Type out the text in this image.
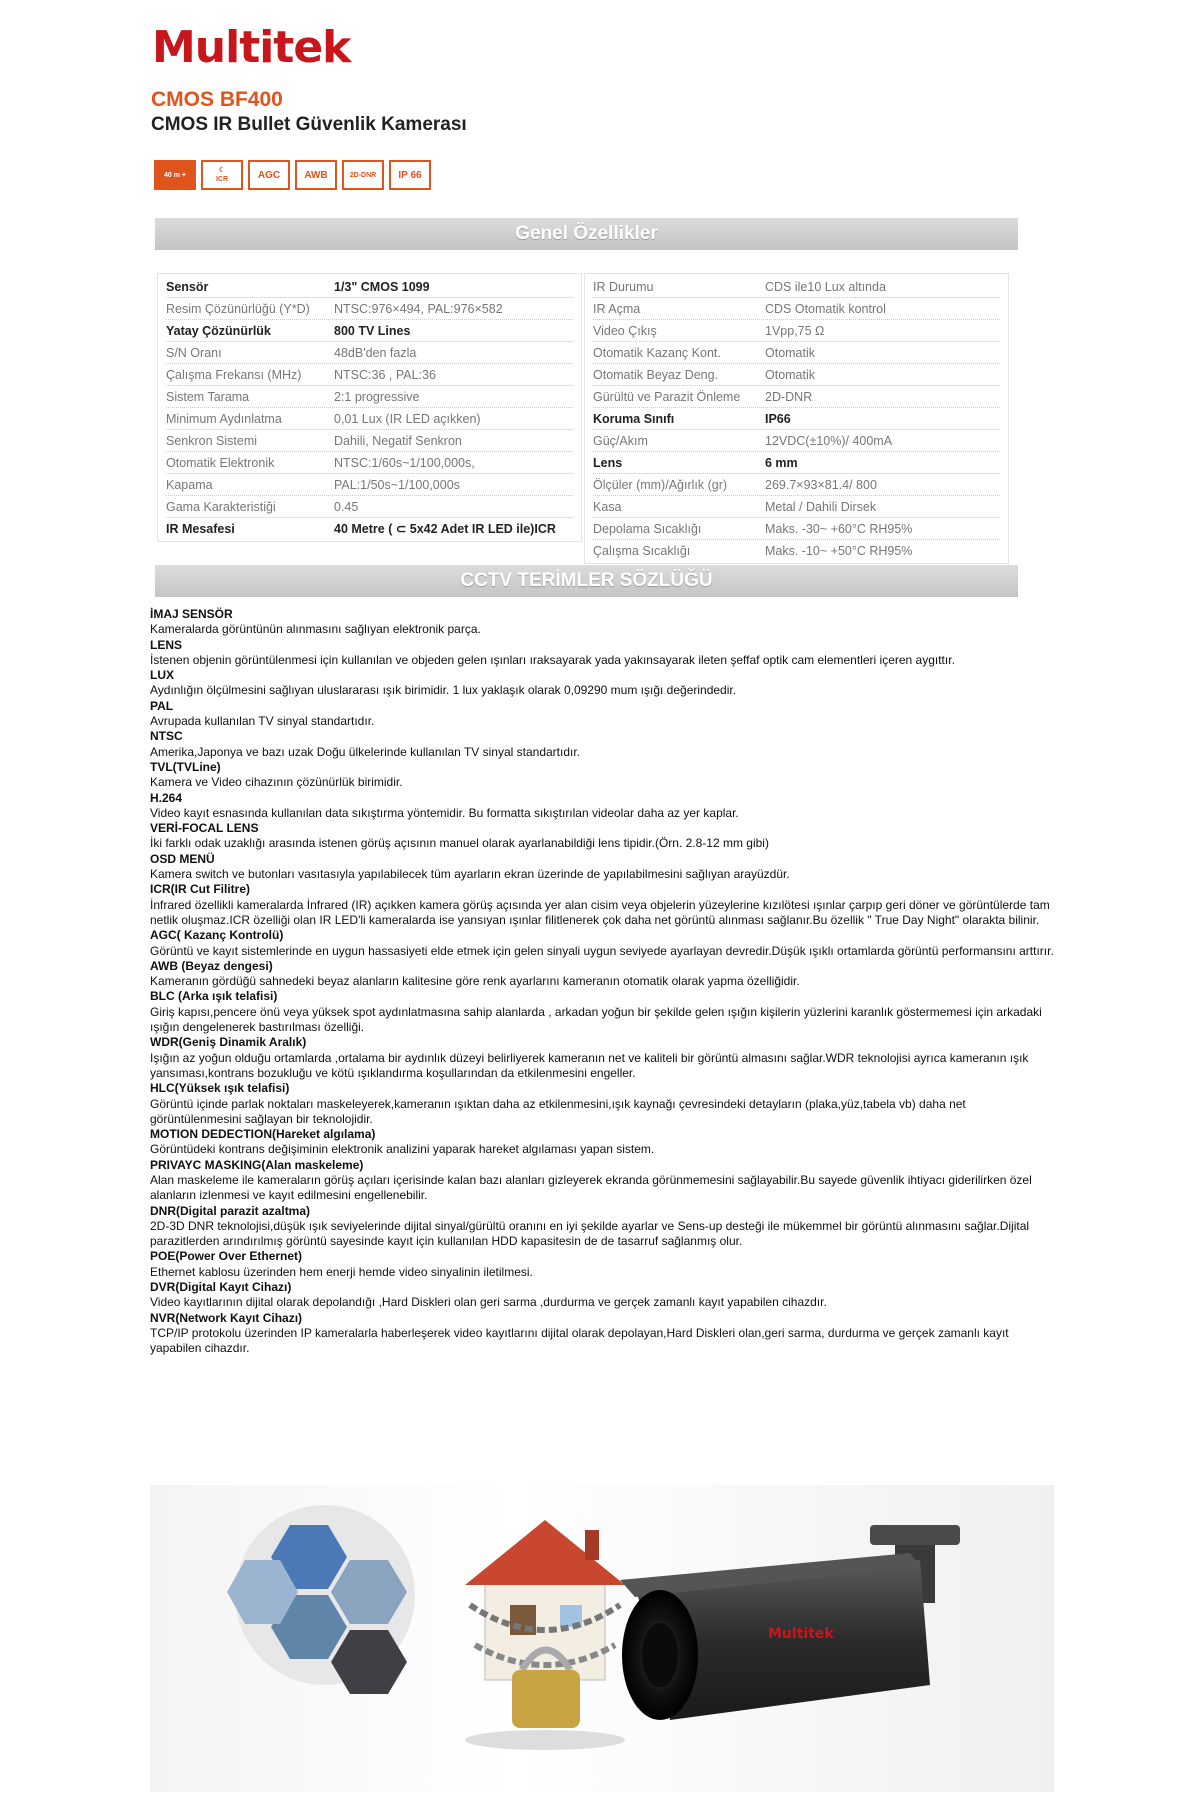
Multitek
CMOS BF400
CMOS IR Bullet Güvenlik Kamerası
40 m +
☾
ICR	AGC AWB	2D-DNR IP 66
Genel Özellikler
Sensör	1/3" CMOS 1099
Resim Çözünürlüğü (Y*D)	NTSC:976×494, PAL:976×582
Yatay Çözünürlük	800 TV Lines
S/N Oranı	48dB'den fazla
Çalışma Frekansı (MHz)	NTSC:36 , PAL:36
Sistem Tarama	2:1 progressive
Minimum Aydınlatma	0,01 Lux (IR LED açıkken)
Senkron Sistemi	Dahili, Negatif Senkron
Otomatik Elektronik	NTSC:1/60s~1/100,000s,
Kapama	PAL:1/50s~1/100,000s
Gama Karakteristiği	0.45
IR Mesafesi	40 Metre ( ⊂ 5x42 Adet IR LED ile)ICR
IR Durumu	CDS ile10 Lux altında
IR Açma	CDS Otomatik kontrol
Video Çıkış	1Vpp,75 Ω
Otomatik Kazanç Kont.	Otomatik
Otomatik Beyaz Deng.	Otomatik
Gürültü ve Parazit Önleme	2D-DNR
Koruma Sınıfı	IP66
Güç/Akım	12VDC(±10%)/ 400mA
Lens	6 mm
Ölçüler (mm)/Ağırlık (gr)	269.7×93×81.4/ 800
Kasa	Metal / Dahili Dirsek
Depolama Sıcaklığı	Maks. -30~ +60°C RH95%
Çalışma Sıcaklığı	Maks. -10~ +50°C RH95%
CCTV TERİMLER SÖZLÜĞÜ
İMAJ SENSÖR

Kameralarda görüntünün alınmasını sağlıyan elektronik parça.

LENS

İstenen objenin görüntülenmesi için kullanılan ve objeden gelen ışınları ıraksayarak yada yakınsayarak ileten şeffaf optik cam elementleri içeren aygıttır.

LUX

Aydınlığın ölçülmesini sağlıyan uluslararası ışık birimidir. 1 lux yaklaşık olarak 0,09290 mum ışığı değerindedir.

PAL

Avrupada kullanılan TV sinyal standartıdır.

NTSC

Amerika,Japonya ve bazı uzak Doğu ülkelerinde kullanılan TV sinyal standartıdır.

TVL(TVLine)

Kamera ve Video cihazının çözünürlük birimidir.

H.264

Video kayıt esnasında kullanılan data sıkıştırma yöntemidir. Bu formatta sıkıştırılan videolar daha az yer kaplar.

VERİ-FOCAL LENS

İki farklı odak uzaklığı arasında istenen görüş açısının manuel olarak ayarlanabildiği lens tipidir.(Örn. 2.8-12 mm gibi)

OSD MENÜ

Kamera switch ve butonları vasıtasıyla yapılabilecek tüm ayarların ekran üzerinde de yapılabilmesini sağlıyan arayüzdür.

ICR(IR Cut Filitre)

İnfrared özellikli kameralarda İnfrared (IR) açıkken kamera görüş açısında yer alan cisim veya objelerin yüzeylerine kızılötesi ışınlar çarpıp geri döner ve görüntülerde tam netlik oluşmaz.ICR özelliği olan IR LED'li kameralarda ise yansıyan ışınlar filitlenerek çok daha net görüntü alınması sağlanır.Bu özellik " True Day Night" olarakta bilinir.

AGC( Kazanç Kontrolü)

Görüntü ve kayıt sistemlerinde en uygun hassasiyeti elde etmek için gelen sinyali uygun seviyede ayarlayan devredir.Düşük ışıklı ortamlarda görüntü performansını arttırır.

AWB (Beyaz dengesi)

Kameranın gördüğü sahnedeki beyaz alanların kalitesine göre renk ayarlarını kameranın otomatik olarak yapma özelliğidir.

BLC (Arka ışık telafisi)

Giriş kapısı,pencere önü veya yüksek spot aydınlatmasına sahip alanlarda , arkadan yoğun bir şekilde gelen ışığın kişilerin yüzlerini karanlık göstermemesi için arkadaki ışığın dengelenerek bastırılması özelliği.

WDR(Geniş Dinamik Aralık)

Işığın az yoğun olduğu ortamlarda ,ortalama bir aydınlık düzeyi belirliyerek kameranın net ve kaliteli bir görüntü almasını sağlar.WDR teknolojisi ayrıca kameranın ışık yansıması,kontrans bozukluğu ve kötü ışıklandırma koşullarından da etkilenmesini engeller.

HLC(Yüksek ışık telafisi)

Görüntü içinde parlak noktaları maskeleyerek,kameranın ışıktan daha az etkilenmesini,ışık kaynağı çevresindeki detayların (plaka,yüz,tabela vb) daha net görüntülenmesini sağlayan bir teknolojidir.

MOTION DEDECTION(Hareket algılama)

Görüntüdeki kontrans değişiminin elektronik analizini yaparak hareket algılaması yapan sistem.

PRIVAYC MASKING(Alan maskeleme)

Alan maskeleme ile kameraların görüş açıları içerisinde kalan bazı alanları gizleyerek ekranda görünmemesini sağlayabilir.Bu sayede güvenlik ihtiyacı giderilirken özel alanların izlenmesi ve kayıt edilmesini engellenebilir.

DNR(Digital parazit azaltma)

2D-3D DNR teknolojisi,düşük ışık seviyelerinde dijital sinyal/gürültü oranını en iyi şekilde ayarlar ve Sens-up desteği ile mükemmel bir görüntü alınmasını sağlar.Dijital parazitlerden arındırılmış görüntü sayesinde kayıt için kullanılan HDD kapasitesin de de tasarruf sağlanmış olur.

POE(Power Over Ethernet)

Ethernet kablosu üzerinden hem enerji hemde video sinyalinin iletilmesi.

DVR(Digital Kayıt Cihazı)

Video kayıtlarının dijital olarak depolandığı ,Hard Diskleri olan geri sarma ,durdurma ve gerçek zamanlı kayıt yapabilen cihazdır.

NVR(Network Kayıt Cihazı)

TCP/IP protokolu üzerinden IP kameralarla haberleşerek video kayıtlarını dijital olarak depolayan,Hard Diskleri olan,geri sarma, durdurma ve gerçek zamanlı kayıt yapabilen cihazdır.

Multitek
